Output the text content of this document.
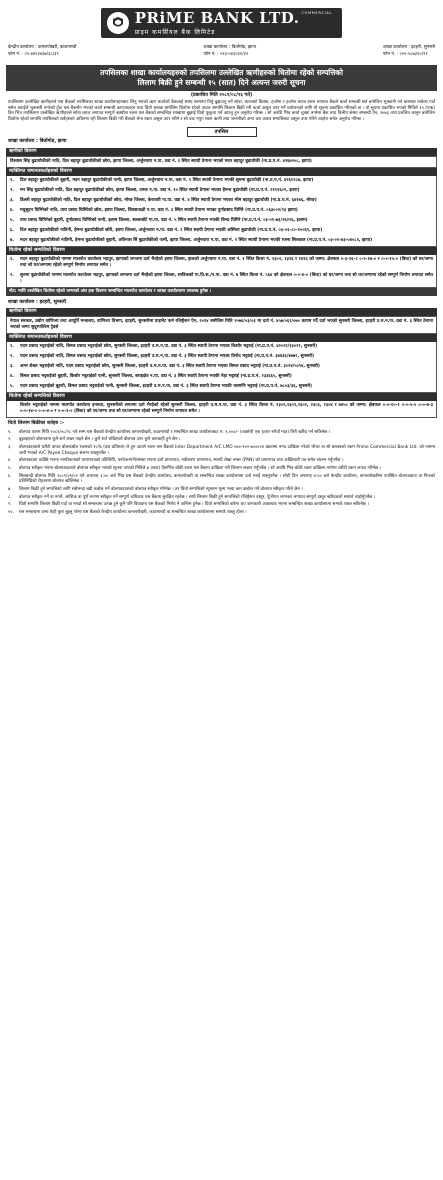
PRiME BANK LTD. COMMERCIAL
प्राइम कमर्सियल बैंक लिमिटेड
केन्द्रीय कार्यालय : कमलपोखरी, काठमाण्डौ
फोन नं. : ०१-४४२३४३७/३८/३९
शाखा कार्यालय : बिर्तामोड, झापा
फोन नं. : ०२३-५४३०३१/३२
शाखा कार्यालय : इटहरी, सुनसरी
फोन नं. : ०२५-५८७३१०/११
तपसिलका शाखा कार्यालयहरुको तपसिलमा उल्लेखित ऋणीहरुको धितोमा रहेको सम्पत्तिको
लिलाम बिक्री हुने सम्बन्धी १५ (सात) दिने अत्यन्त जरुरी सूचना
(प्रकाशित मिति २०८१/०८/१६ गते)
तपसिलमा उल्लेखित ऋणीहरुले यस बैंकको तपसिलका शाखा कार्यालयहरुबाट लिनु भएको ऋण कर्जाको बैंकलाई समय समयमा तिर्नु बुझाउनु पर्ने सांवा, ब्याजको किस्ता, हर्जाना र हर्जाना ब्याज रकम लगायत बैंकले कर्जा सम्बन्धी सर्त बमोजिम भुक्तानी गर्न बारम्बार ताकेता गर्दा समेत तपाईंले भुक्तानी नगरेको हुँदा यस बैंकसँग भएको कर्जा सम्बन्धी कागजातहरु तथा धितो बन्धक बमोजिम धितोमा रहेको अचल सम्पत्ति लिलाम बिक्री गरी कर्जा असुल उपर गर्ने प्रयोजनको लागि यो सूचना प्रकाशित गरिएको छ । यो सूचना प्रकाशित भएको मितिले १५ (पन्ध्र) दिन भित्र तपसिलमा उल्लेखित ऋणीहरुले साँवा ब्याज लगायत सम्पूर्ण बक्यौता रकम यस बैंकको सम्बन्धित शाखामा बुझाई धितो फुकुवा गर्न आउनु हुन अनुरोध गरिन्छ । सो अवधि भित्र कर्जा चुक्ता नगरेमा बैंक तथा वित्तीय संस्था सम्बन्धी ऐन, २०७३ तथा प्रचलित कानुन बमोजिम धितोमा रहेको सम्पत्ति तपसिलको शर्तहरुको अधिनमा रही लिलाम बिक्री गरी बैंकको लेना रकम असुल उपर गरिने र सो बाट नपुग रकम ऋणी तथा जमानीको अन्य चल अचल सम्पत्तिबाट असुल उपर गरिने व्यहोरा समेत अनुरोध गरिन्छ ।
तपसिल
शाखा कार्यालय : बिर्तामोड, झापा
ऋणीको विवरण
विश्वास सिंह बुढाथोकीको नाति, दिल बहादुर बुढाथोकीको छोरा, झापा जिल्ला, अर्जुनधारा न.पा. वडा नं. १ स्थित स्थायी ठेगाना भएको मदन बहादुर बुढाथोकी (ना.प्र.प.नं. ४२६७२०८, झापा)
व्यक्तिगत जमानतकर्ताहरुको विवरण
१.	दिल बहादुर बुढाथोकीको बुहारी, मदन बहादुर बुढाथोकीको पत्नी, झापा जिल्ला, अर्जुनधारा न.पा. वडा नं. १ स्थित स्थायी ठेगाना भएकी सुरुमा बुढाथोकी (ना.प्र.प.नं. ४२६१२८७, झापा)
२.	मन सिंह बुढाथोकीको नाति, दिल बहादुर बुढाथोकीको छोरा, झापा जिल्ला, दमक न.पा. वडा नं. १० स्थित स्थायी ठेगाना भएका हेमन्त बुढाथोकी (ना.प्र.प.नं. २१११६०२, झापा)
३.	डिल्ली बहादुर बुढाथोकीको नाति, दिल बहादुर बुढाथोकीको छोरा, मोरङ जिल्ला, केरावारी गा.पा. वडा नं. ४ स्थित स्थायी ठेगाना भएका भीम बहादुर बुढाथोकी (ना.प्र.प.नं. ६४१७६, मोरङ)
४.	मधुसूदन घिमिरेको नाति, तारा प्रसाद घिमिरेको छोरा, झापा जिल्ला, शिवसताक्षी न.पा. वडा नं. ३ स्थित स्थायी ठेगाना भएका दुर्गाप्रसाद घिमिरे (ना.प्र.प.नं. ०६३००२/२३ झापा)
५.	तारा प्रसाद घिमिरेको बुहारी, दुर्गाप्रसाद घिमिरेको पत्नी, इलाम जिल्ला, सल्लाबोटे गा.पा. वडा नं. ५ स्थित स्थायी ठेगाना भएकी बिन्दा घिमिरे (ना.प्र.प.नं. ०३-०१-७३/२६२२६, इलाम)
६.	दिल बहादुर बुढाथोकीको नातिनी, हेमन्त बुढाथोकीको छोरी, झापा जिल्ला, अर्जुनधारा न.पा. वडा नं. १ स्थित स्थायी ठेगाना भएकी अस्मिता बुढाथोकी (ना.प्र.प.नं. ०३-०१-८०-१००६९, झापा)
७.	मदन बहादुर बुढाथोकीको नातिनी, हेमन्त बुढाथोकीको बुहारी, अविनाश सिं बुढाथोकीको पत्नी, झापा जिल्ला, अर्जुनधारा न.पा. वडा नं. १ स्थित स्थायी ठेगाना भएकी रजना सिलवाल (ना.प्र.प.नं. ०३-०१-७३-०४०८१, झापा)
धितोमा रहेको सम्पत्तिको विवरण
१.	मदन बहादुर बुढाथोकीको नाममा मालपोत कार्यालय भद्रपुर, झापाको लगतमा दर्ता भैरहेको झापा जिल्ला, हालको अर्जुनधारा न.पा. वडा नं. १ स्थित कित्ता नं. १३०२, १३१६ र १४१६ को जम्मा: क्षेत्रफल ०-३-१६-२ ०-२-१७-० र ०-०-१५-० (बिघा) को घर/जग्गा तथा सो घर/जग्गामा रहेको सम्पूर्ण निर्माण लगायत समेत ।
२.	सुरुमा बुढाथोकीको नाममा मालपोत कार्यालय भद्रपुर, झापाको लगतमा दर्ता भैरहेको झापा जिल्ला, साविकको गा.वि.स./न.पा. वडा नं. ७ स्थित कित्ता नं. ५६४ को क्षेत्रफल ०-०-४-० (बिघा) को घर/जग्गा तथा सो घर/जग्गामा रहेको सम्पूर्ण निर्माण लगायत समेत ।
नोट: माथि उल्लेखित धितोमा रहेको जग्गाको अंश हक विवरण सम्बन्धित मालपोत कार्यालय र शाखा कार्यालयमा उपलब्ध हुनेछ ।
शाखा कार्यालय : इटहरी, सुनसरी
ऋणीको विवरण
नेपाल सरकार, उद्योग वाणिज्य तथा आपूर्ति मन्त्रालय, वाणिज्य विभाग, इटहरी, सुनसरीमा प्राइभेट फर्म रजिष्ट्रेशन ऐन, २०१४ बमोजिम मिति २०७४/०३/०३ मा दर्ता नं. ४५७/०६९/०७० कायम गर्दै दर्ता भएको सुनसरी जिल्ला, इटहरी उ.म.न.पा. वडा नं. ६ स्थित ठेगाना भएको जग्गा सुदूरपश्चिम ट्रेडर्स
व्यक्तिगत जमानतकर्ताहरुको विवरण
१.	पदम प्रसाद भट्टराईको नाति, बिमल प्रसाद भट्टराईको छोरा, सुनसरी जिल्ला, इटहरी उ.म.न.पा. वडा नं. ३ स्थित स्थायी ठेगाना भएका किशोर भट्टराई (ना.प्र.प.नं. ४२०२१/१३०२९, सुनसरी)
२.	पदम प्रसाद भट्टराईको नाति, बिमल प्रसाद भट्टराईको छोरा, सुनसरी जिल्ला, इटहरी उ.म.न.पा. वडा नं. ३ स्थित स्थायी ठेगाना भएका विनोद भट्टराई (ना.प्र.प.नं. ३७४३६/४७७२, सुनसरी)
३.	अमर शेखर भट्टराईको नाति, पदम प्रसाद भट्टराईको छोरा, सुनसरी जिल्ला, इटहरी उ.म.न.पा. वडा नं. ३ स्थित स्थायी ठेगाना भएका बिमल प्रसाद भट्टराई (ना.प्र.प.नं. ३०२४/५०९४, सुनसरी)
४.	बिमल प्रसाद भट्टराईको बुहारी, किशोर भट्टराईको पत्नी, सुनसरी जिल्ला, बराहक्षेत्र न.पा. वडा नं. ३ स्थित स्थायी ठेगाना भएकी नेहा भट्टराई (ना.प्र.प.नं. २३३६६५, सुनसरी)
५.	पदम प्रसाद भट्टराईको बुहारी, बिमल प्रसाद भट्टराईको पत्नी, सुनसरी जिल्ला, इटहरी उ.म.न.पा. वडा नं. ३ स्थित स्थायी ठेगाना भएकी यशमणि भट्टराई (ना.प्र.प.नं. ७८०३/३६, सुनसरी)
धितोमा रहेको सम्पत्तिको विवरण
किशोर भट्टराईको नाममा मालपोत कार्यालय इनरुवा, सुनसरीको लगतमा दर्ता भैरहेको रहेको सुनसरी जिल्ला, इटहरी उ.म.न.पा. वडा नं. ३ स्थित कित्ता नं. १३०२,१३०९,२३०२, २३०३, २३०४ र ७४५० को जम्मा: क्षेत्रफल ०-०-१०-१ ०-०-५-० ०-०-७-३ ०-०-१४-० ०-०-४-० र ०-०-१-० (बिघा) को घर/जग्गा तथा सो घर/जग्गामा रहेको सम्पूर्ण निर्माण लगायत समेत ।
धितो लिलाम बिक्रीका शर्तहरु :-
१.	बोलपत्र फारम मिति २०८१/०८/२८ गते सम्म यस बैंकको केन्द्रीय कार्यालय कमलपोखरी, काठमाण्डौ र सम्बन्धित शाखा कार्यालयबाट रु. १,०००/- (अक्षरेपी एक हजार रुपैयाँ मात्र) तिरी खरिद गर्न सकिनेछ ।
२.	बुझाइएको बोलपत्रमा कुनै शर्त राख्न पाइने छैन । कुनै शर्त राखिएको बोलपत्र उपर कुनै कारवाही हुने छैन ।
३.	बोलपत्रदाताले धरौटी बापत बोलकबोल रकमको १०% (दश प्रतिशत) ले हुन आउने रकम यस बैंकको Inter Department A/C LMO ०७०-१०१-७०००२४ खातामा नगद दाखिला गरेको भौचर वा सो बराबरको रकम Prime Commercial Bank Ltd. को नाममा जारी भएको A/C Payee Cheque संलग्न राख्नुपर्नेछ ।
४.	बोलपत्रदाता व्यक्ति भएमा नागरिकताको प्रमाणपत्रको प्रतिलिपि, फर्म/कम्पनी/संस्था भएमा दर्ता प्रमाणपत्र, नवीकरण प्रमाणपत्र, स्थायी लेखा नम्बर (PAN) को प्रमाणपत्र तथा अख्तियारी पत्र समेत संलग्न गर्नुपर्नेछ ।
५.	बोलपत्र स्वीकृत भएमा बोलपत्रदाताले बोलपत्र स्वीकृत भएको सूचना पाएको मितिले ७ (सात) दिनभित्र बाँकी रकम यस बैंकमा दाखिला गरी लिलाम सकार गर्नुपर्नेछ । सो अवधि भित्र बाँकी रकम दाखिला नगरेमा धरौटी रकम जफत गरिनेछ ।
६.	सिलबन्दी बोलपत्र मिति २०८१/०९/०२ गते अपरान्ह ३:०० बजे भित्र यस बैंकको केन्द्रीय कार्यालय, कमलपोखरी वा सम्बन्धित शाखा कार्यालयमा दर्ता गराई सक्नुपर्नेछ । सोही दिन अपरान्ह ४:०० बजे केन्द्रीय कार्यालय, कमलपोखरीमा उपस्थित बोलपत्रदाता वा निजको प्रतिनिधिको रोहवरमा बोलपत्र खोलिनेछ ।
७.	लिलाम बिक्री हुने सम्पत्तिको लागि सबैभन्दा बढी कबोल गर्ने बोलपत्रदाताको बोलपत्र स्वीकृत गरिनेछ । तर धितो सम्पत्तिको न्यूनतम मूल्य भन्दा कम कबोल गर्ने बोलपत्र स्वीकृत गरिने छैन ।
८.	बोलपत्र स्वीकृत गर्ने वा नगर्ने, आंशिक वा पूर्ण रूपमा स्वीकृत गर्ने सम्पूर्ण अधिकार यस बैंकमा सुरक्षित रहनेछ । साथै लिलाम बिक्री हुने सम्पत्तिको रजिष्ट्रेशन दस्तुर, पूँजीगत लाभकर लगायत सम्पूर्ण दस्तुर खरिदकर्ता स्वयंले व्यहोर्नुपर्नेछ ।
९.	धितो सम्पत्ति लिलाम बिक्री गर्दा वा नगर्दा सो सम्बन्धमा उत्पन्न हुने कुनै पनि विवादमा यस बैंकको निर्णय नै अन्तिम हुनेछ । धितो सम्पत्तिको बारेमा थप जानकारी आवश्यक भएमा सम्बन्धित शाखा कार्यालयमा सम्पर्क राख्न सकिनेछ ।
१०.	यस सम्बन्धमा अन्य केही कुरा बुझ्नु परेमा यस बैंकको केन्द्रीय कार्यालय कमलपोखरी, काठमाण्डौ वा सम्बन्धित शाखा कार्यालयमा सम्पर्क राख्नु होला ।
